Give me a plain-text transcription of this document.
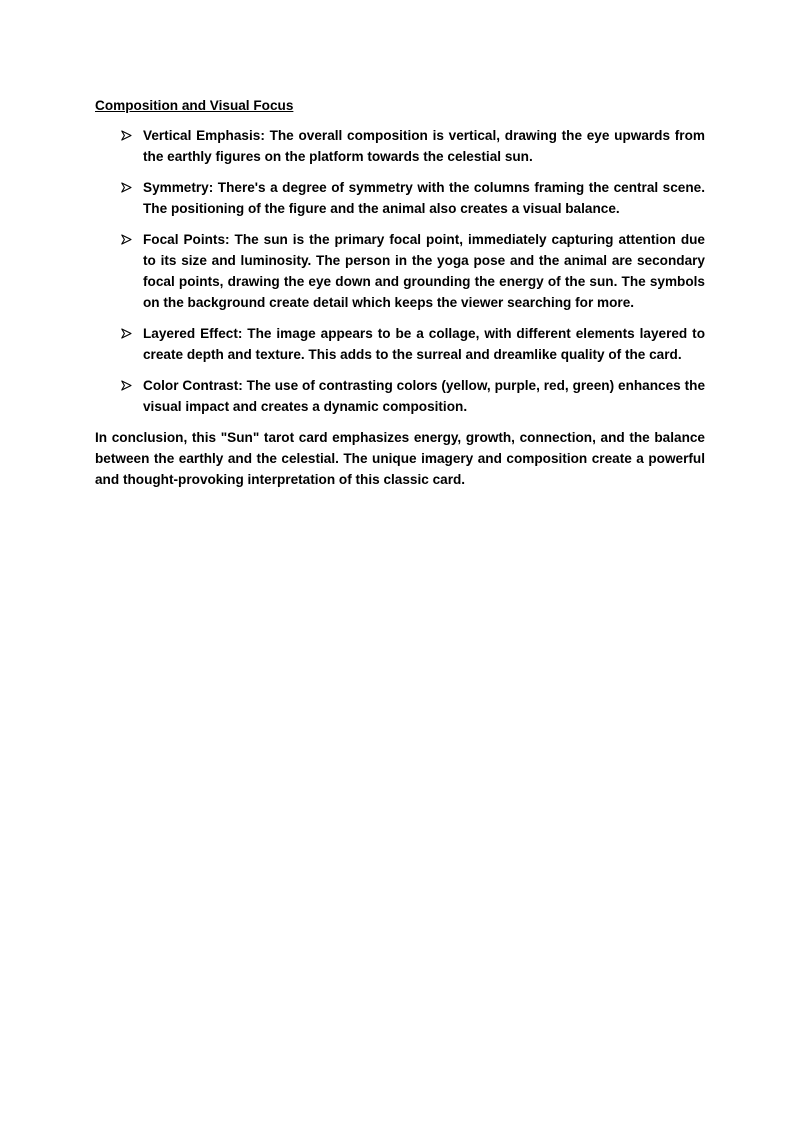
Composition and Visual Focus

Vertical Emphasis: The overall composition is vertical, drawing the eye upwards from the earthly figures on the platform towards the celestial sun.
Symmetry: There's a degree of symmetry with the columns framing the central scene. The positioning of the figure and the animal also creates a visual balance.
Focal Points: The sun is the primary focal point, immediately capturing attention due to its size and luminosity. The person in the yoga pose and the animal are secondary focal points, drawing the eye down and grounding the energy of the sun. The symbols on the background create detail which keeps the viewer searching for more.
Layered Effect: The image appears to be a collage, with different elements layered to create depth and texture. This adds to the surreal and dreamlike quality of the card.
Color Contrast: The use of contrasting colors (yellow, purple, red, green) enhances the visual impact and creates a dynamic composition.

In conclusion, this "Sun" tarot card emphasizes energy, growth, connection, and the balance between the earthly and the celestial. The unique imagery and composition create a powerful and thought-provoking interpretation of this classic card.
